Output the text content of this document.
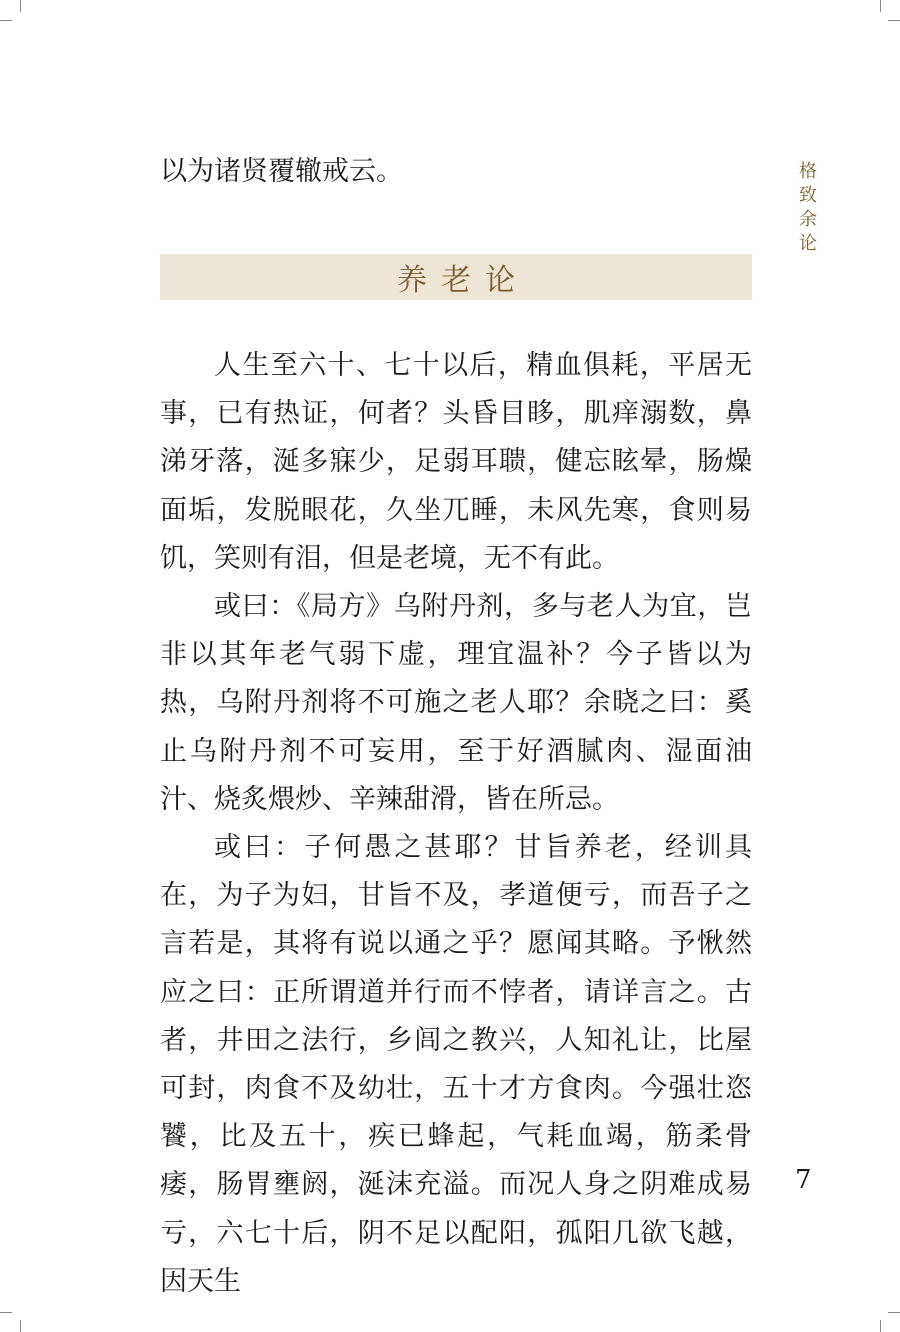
以为诸贤覆辙戒云。

养老论

人生至六十、七十以后，精血俱耗，平居无事，已有热证，何者？头昏目眵，肌痒溺数，鼻涕牙落，涎多寐少，足弱耳聩，健忘眩晕，肠燥面垢，发脱眼花，久坐兀睡，未风先寒，食则易饥，笑则有泪，但是老境，无不有此。

或曰：《局方》乌附丹剂，多与老人为宜，岂非以其年老气弱下虚，理宜温补？今子皆以为热，乌附丹剂将不可施之老人耶？余晓之曰：奚止乌附丹剂不可妄用，至于好酒腻肉、湿面油汁、烧炙煨炒、辛辣甜滑，皆在所忌。

或曰：子何愚之甚耶？甘旨养老，经训具在，为子为妇，甘旨不及，孝道便亏，而吾子之言若是，其将有说以通之乎？愿闻其略。予愀然应之曰：正所谓道并行而不悖者，请详言之。古者，井田之法行，乡闾之教兴，人知礼让，比屋可封，肉食不及幼壮，五十才方食肉。今强壮恣饕，比及五十，疾已蜂起，气耗血竭，筋柔骨痿，肠胃壅阏，涎沫充溢。而况人身之阴难成易亏，六七十后，阴不足以配阳，孤阳几欲飞越，因天生

格致余论
7
